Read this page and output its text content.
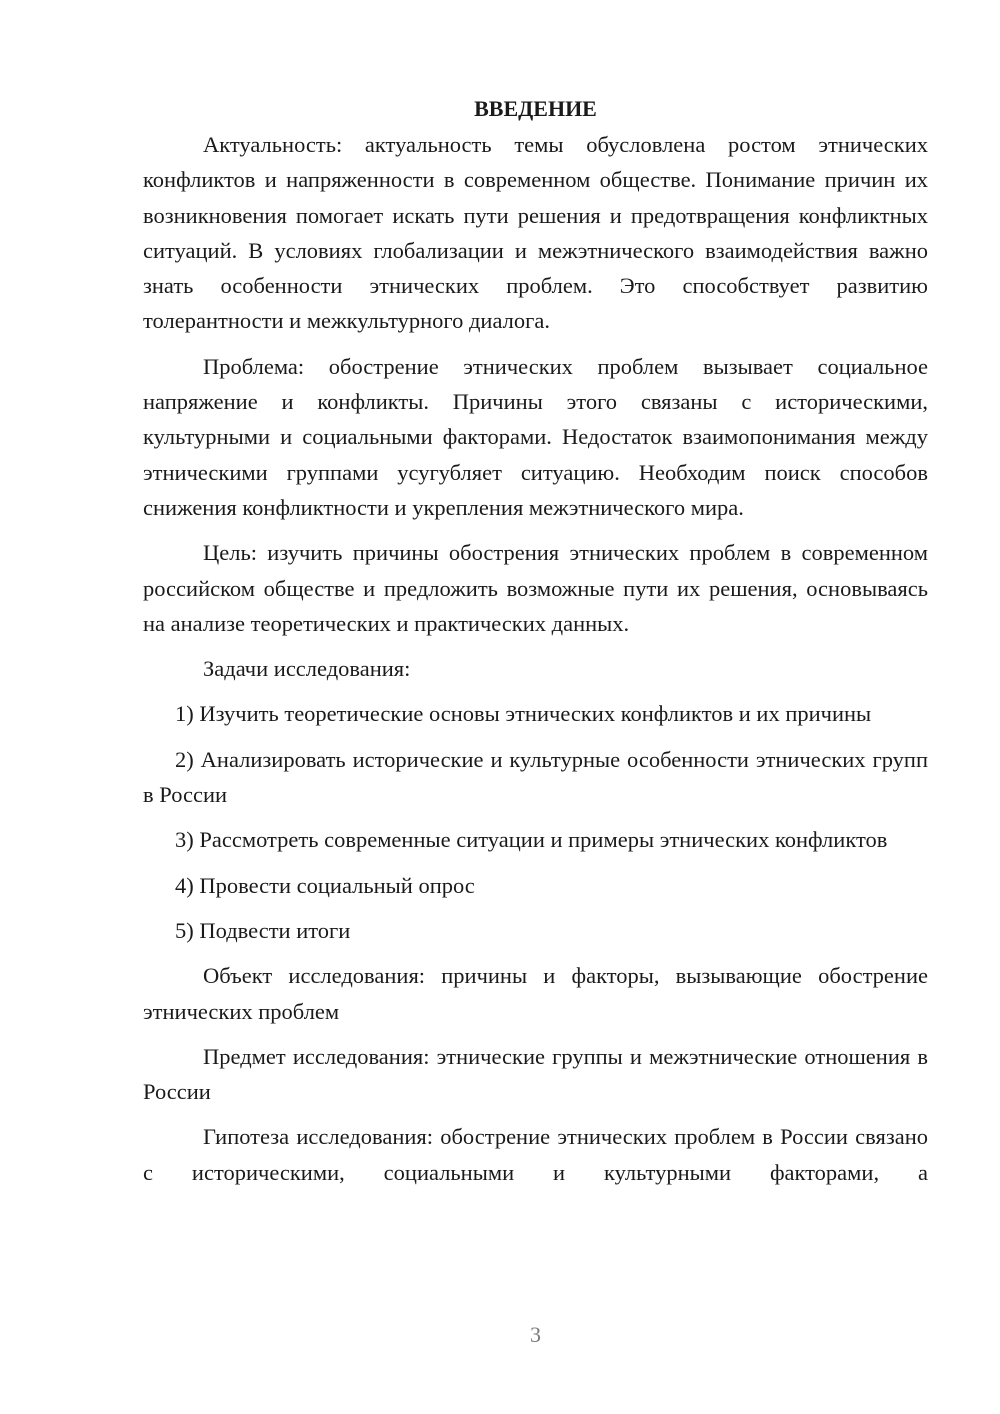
ВВЕДЕНИЕ

Актуальность: актуальность темы обусловлена ростом этнических конфликтов и напряженности в современном обществе. Понимание причин их возникновения помогает искать пути решения и предотвращения конфликтных ситуаций. В условиях глобализации и межэтнического взаимодействия важно знать особенности этнических проблем. Это способствует развитию толерантности и межкультурного диалога.

Проблема: обострение этнических проблем вызывает социальное напряжение и конфликты. Причины этого связаны с историческими, культурными и социальными факторами. Недостаток взаимопонимания между этническими группами усугубляет ситуацию. Необходим поиск способов снижения конфликтности и укрепления межэтнического мира.

Цель: изучить причины обострения этнических проблем в современном российском обществе и предложить возможные пути их решения, основываясь на анализе теоретических и практических данных.

Задачи исследования:

1) Изучить теоретические основы этнических конфликтов и их причины

2) Анализировать исторические и культурные особенности этнических групп в России

3) Рассмотреть современные ситуации и примеры этнических конфликтов

4) Провести социальный опрос

5) Подвести итоги

Объект исследования: причины и факторы, вызывающие обострение этнических проблем

Предмет исследования: этнические группы и межэтнические отношения в России

Гипотеза исследования: обострение этнических проблем в России связано с историческими, социальными и культурными факторами, а

3
